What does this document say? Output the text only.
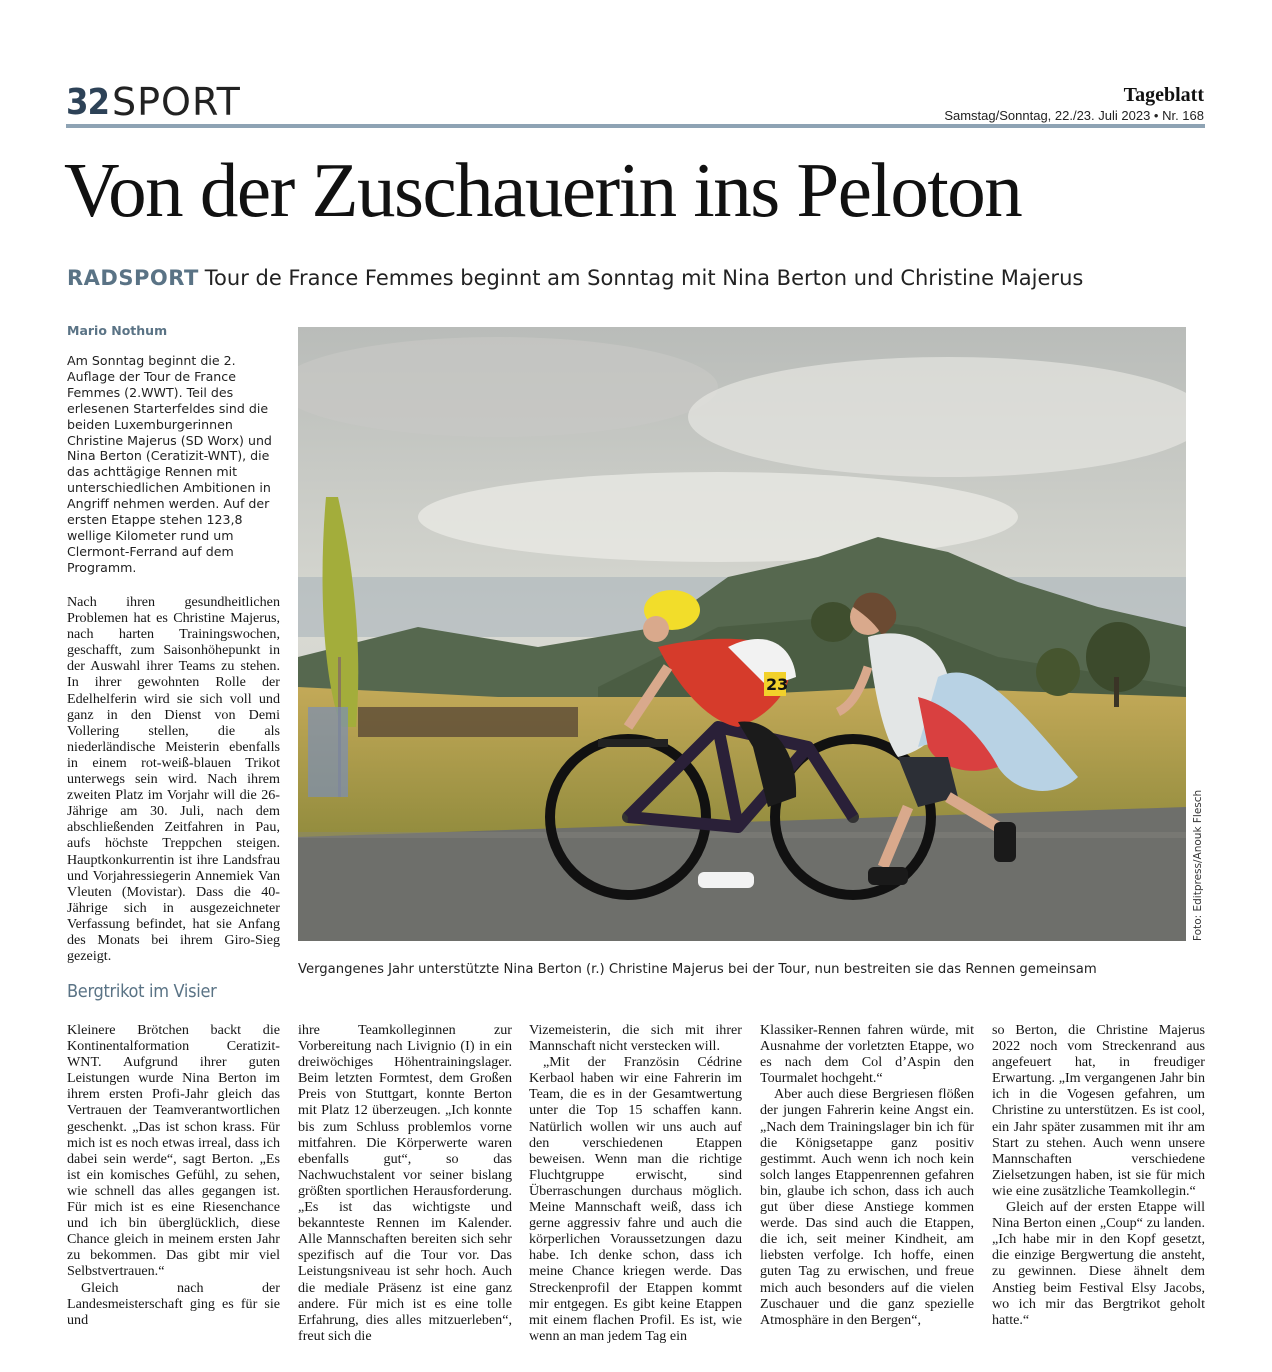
32 SPORT	Tageblatt
Samstag/Sonntag, 22./23. Juli 2023 • Nr. 168
Von der Zuschauerin ins Peloton
RADSPORT Tour de France Femmes beginnt am Sonntag mit Nina Berton und Christine Majerus
Mario Nothum
Am Sonntag beginnt die 2. Auflage der Tour de France Femmes (2.WWT). Teil des erlesenen Starterfeldes sind die beiden Luxemburgerinnen Christine Majerus (SD Worx) und Nina Berton (Ceratizit-WNT), die das achttägige Rennen mit unterschiedlichen Ambitionen in Angriff nehmen werden. Auf der ersten Etappe stehen 123,8 wellige Kilometer rund um Clermont-Ferrand auf dem Programm.

Nach ihren gesundheitlichen Problemen hat es Christine Majerus, nach harten Trainingswochen, geschafft, zum Saisonhöhepunkt in der Auswahl ihrer Teams zu stehen. In ihrer gewohnten Rolle der Edelhelferin wird sie sich voll und ganz in den Dienst von Demi Vollering stellen, die als niederländische Meisterin ebenfalls in einem rot-weiß-blauen Trikot unterwegs sein wird. Nach ihrem zweiten Platz im Vorjahr will die 26-Jährige am 30. Juli, nach dem abschließenden Zeitfahren in Pau, aufs höchste Treppchen steigen. Hauptkonkurrentin ist ihre Landsfrau und Vorjahressiegerin Annemiek Van Vleuten (Movistar). Dass die 40-Jährige sich in ausgezeichneter Verfassung befindet, hat sie Anfang des Monats bei ihrem Giro-Sieg gezeigt.

23
Foto: Editpress/Anouk Flesch
Vergangenes Jahr unterstützte Nina Berton (r.) Christine Majerus bei der Tour, nun bestreiten sie das Rennen gemeinsam
Bergtrikot im Visier

Kleinere Brötchen backt die Kontinentalformation Ceratizit-WNT. Aufgrund ihrer guten Leistungen wurde Nina Berton im ihrem ersten Profi-Jahr gleich das Vertrauen der Teamverantwortlichen geschenkt. „Das ist schon krass. Für mich ist es noch etwas irreal, dass ich dabei sein werde“, sagt Berton. „Es ist ein komisches Gefühl, zu sehen, wie schnell das alles gegangen ist. Für mich ist es eine Riesenchance und ich bin überglücklich, diese Chance gleich in meinem ersten Jahr zu bekommen. Das gibt mir viel Selbstvertrauen.“

Gleich nach der Landesmeisterschaft ging es für sie und

ihre Teamkolleginnen zur Vorbereitung nach Livignio (I) in ein dreiwöchiges Höhentrainingslager. Beim letzten Formtest, dem Großen Preis von Stuttgart, konnte Berton mit Platz 12 überzeugen. „Ich konnte bis zum Schluss problemlos vorne mitfahren. Die Körperwerte waren ebenfalls gut“, so das Nachwuchstalent vor seiner bislang größten sportlichen Herausforderung. „Es ist das wichtigste und bekannteste Rennen im Kalender. Alle Mannschaften bereiten sich sehr spezifisch auf die Tour vor. Das Leistungsniveau ist sehr hoch. Auch die mediale Präsenz ist eine ganz andere. Für mich ist es eine tolle Erfahrung, dies alles mitzuerleben“, freut sich die

Vizemeisterin, die sich mit ihrer Mannschaft nicht verstecken will.

„Mit der Französin Cédrine Kerbaol haben wir eine Fahrerin im Team, die es in der Gesamtwertung unter die Top 15 schaffen kann. Natürlich wollen wir uns auch auf den verschiedenen Etappen beweisen. Wenn man die richtige Fluchtgruppe erwischt, sind Überraschungen durchaus möglich. Meine Mannschaft weiß, dass ich gerne aggressiv fahre und auch die körperlichen Voraussetzungen dazu habe. Ich denke schon, dass ich meine Chance kriegen werde. Das Streckenprofil der Etappen kommt mir entgegen. Es gibt keine Etappen mit einem flachen Profil. Es ist, wie wenn an man jedem Tag ein

Klassiker-Rennen fahren würde, mit Ausnahme der vorletzten Etappe, wo es nach dem Col d’Aspin den Tourmalet hochgeht.“

Aber auch diese Bergriesen flößen der jungen Fahrerin keine Angst ein. „Nach dem Trainingslager bin ich für die Königsetappe ganz positiv gestimmt. Auch wenn ich noch kein solch langes Etappenrennen gefahren bin, glaube ich schon, dass ich auch gut über diese Anstiege kommen werde. Das sind auch die Etappen, die ich, seit meiner Kindheit, am liebsten verfolge. Ich hoffe, einen guten Tag zu erwischen, und freue mich auch besonders auf die vielen Zuschauer und die ganz spezielle Atmosphäre in den Bergen“,

so Berton, die Christine Majerus 2022 noch vom Streckenrand aus angefeuert hat, in freudiger Erwartung. „Im vergangenen Jahr bin ich in die Vogesen gefahren, um Christine zu unterstützen. Es ist cool, ein Jahr später zusammen mit ihr am Start zu stehen. Auch wenn unsere Mannschaften verschiedene Zielsetzungen haben, ist sie für mich wie eine zusätzliche Teamkollegin.“

Gleich auf der ersten Etappe will Nina Berton einen „Coup“ zu landen. „Ich habe mir in den Kopf gesetzt, die einzige Bergwertung die ansteht, zu gewinnen. Diese ähnelt dem Anstieg beim Festival Elsy Jacobs, wo ich mir das Bergtrikot geholt hatte.“
